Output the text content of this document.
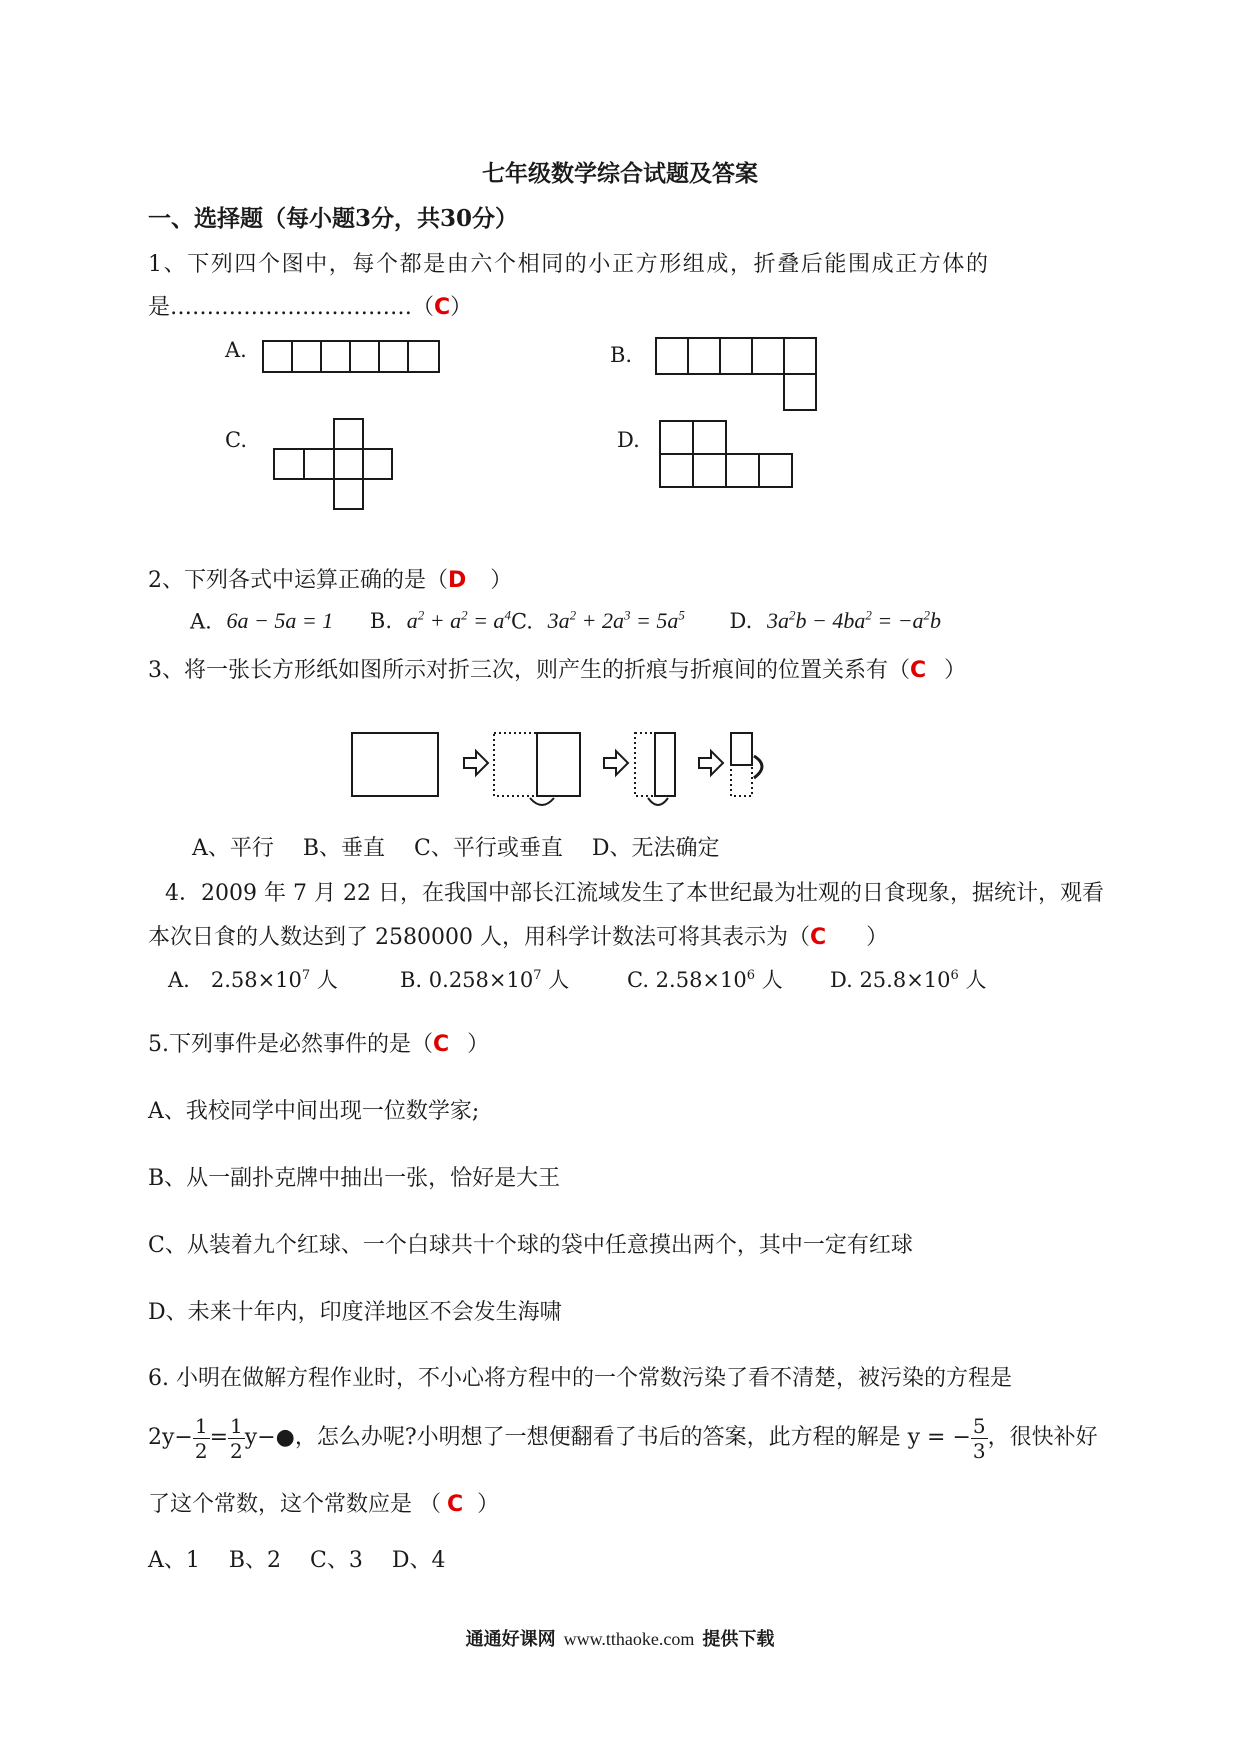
七年级数学综合试题及答案
一、选择题（每小题3分，共30分）
1、下列四个图中，每个都是由六个相同的小正方形组成，折叠后能围成正方体的
是……………………………（C）
A.	B.
C.	D.
2、下列各式中运算正确的是（D ）
A. 6a − 5a = 1 B. $a^2 + a^2 = a^4C$. $3a^2 + 2a^3 = 5a^5$ D. $3a^2b - 4ba^2 = -a^2b$
3、将一张长方形纸如图所示对折三次，则产生的折痕与折痕间的位置关系有（C ）
A、平行　 B、垂直　 C、平行或垂直　 D、无法确定
4．2009 年 7 月 22 日，在我国中部长江流域发生了本世纪最为壮观的日食现象，据统计，观看
本次日食的人数达到了 2580000 人，用科学计数法可将其表示为（C ）
A.　$2.58\times 10^7$ 人	B. $0.258\times 10^7$ 人	C. $2.58\times 10^6$ 人 D. $25.8\times 10^6$ 人
5.下列事件是必然事件的是（C ）
A、我校同学中间出现一位数学家;
B、从一副扑克牌中抽出一张，恰好是大王
C、从装着九个红球、一个白球共十个球的袋中任意摸出两个，其中一定有红球
D、未来十年内，印度洋地区不会发生海啸
6. 小明在做解方程作业时，不小心将方程中的一个常数污染了看不清楚，被污染的方程是
$2y- \frac{1}{2} = \frac{1}{2}$ y−●，怎么办呢?小明想了一想便翻看了书后的答案，此方程的解是 y = − $\frac{5}{3}$ ，很快补好
了这个常数，这个常数应是 （ C ）
A、1　 B、2　 C、3　 D、4
通通好课网 www.tthaoke.com 提供下载
